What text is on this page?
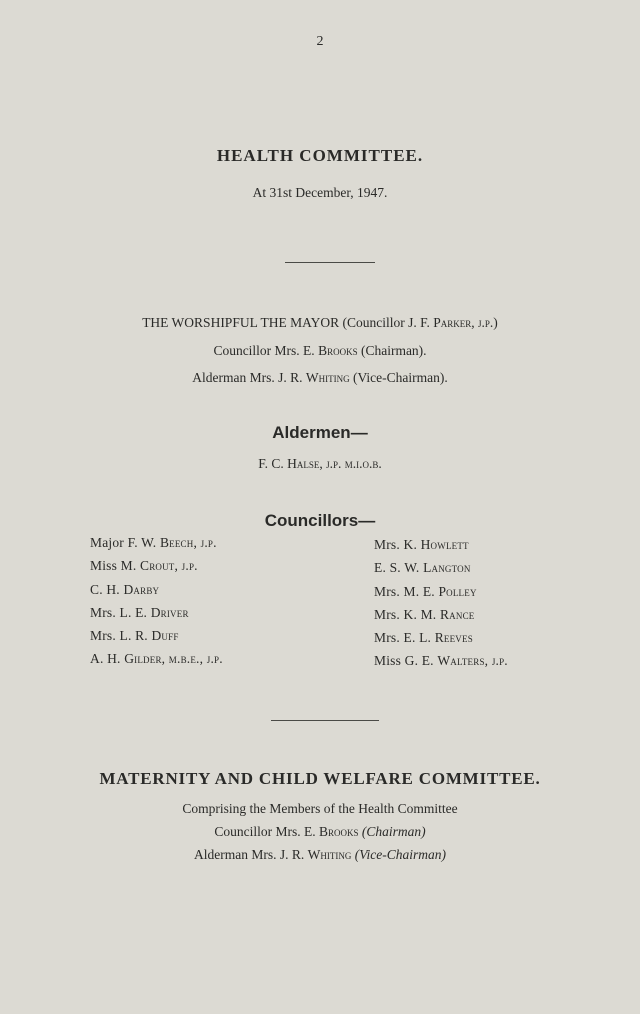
2
HEALTH COMMITTEE.
At 31st December, 1947.
THE WORSHIPFUL THE MAYOR (Councillor J. F. Parker, j.p.)
Councillor Mrs. E. Brooks (Chairman).
Alderman Mrs. J. R. Whiting (Vice-Chairman).
Aldermen—
F. C. Halse, j.p. m.i.o.b.
Councillors—
Major F. W. Beech, j.p.
Miss M. Crout, j.p.
C. H. Darby
Mrs. L. E. Driver
Mrs. L. R. Duff
A. H. Gilder, m.b.e., j.p.
Mrs. K. Howlett
E. S. W. Langton
Mrs. M. E. Polley
Mrs. K. M. Rance
Mrs. E. L. Reeves
Miss G. E. Walters, j.p.
MATERNITY AND CHILD WELFARE COMMITTEE.
Comprising the Members of the Health Committee
Councillor Mrs. E. Brooks (Chairman)
Alderman Mrs. J. R. Whiting (Vice-Chairman)
